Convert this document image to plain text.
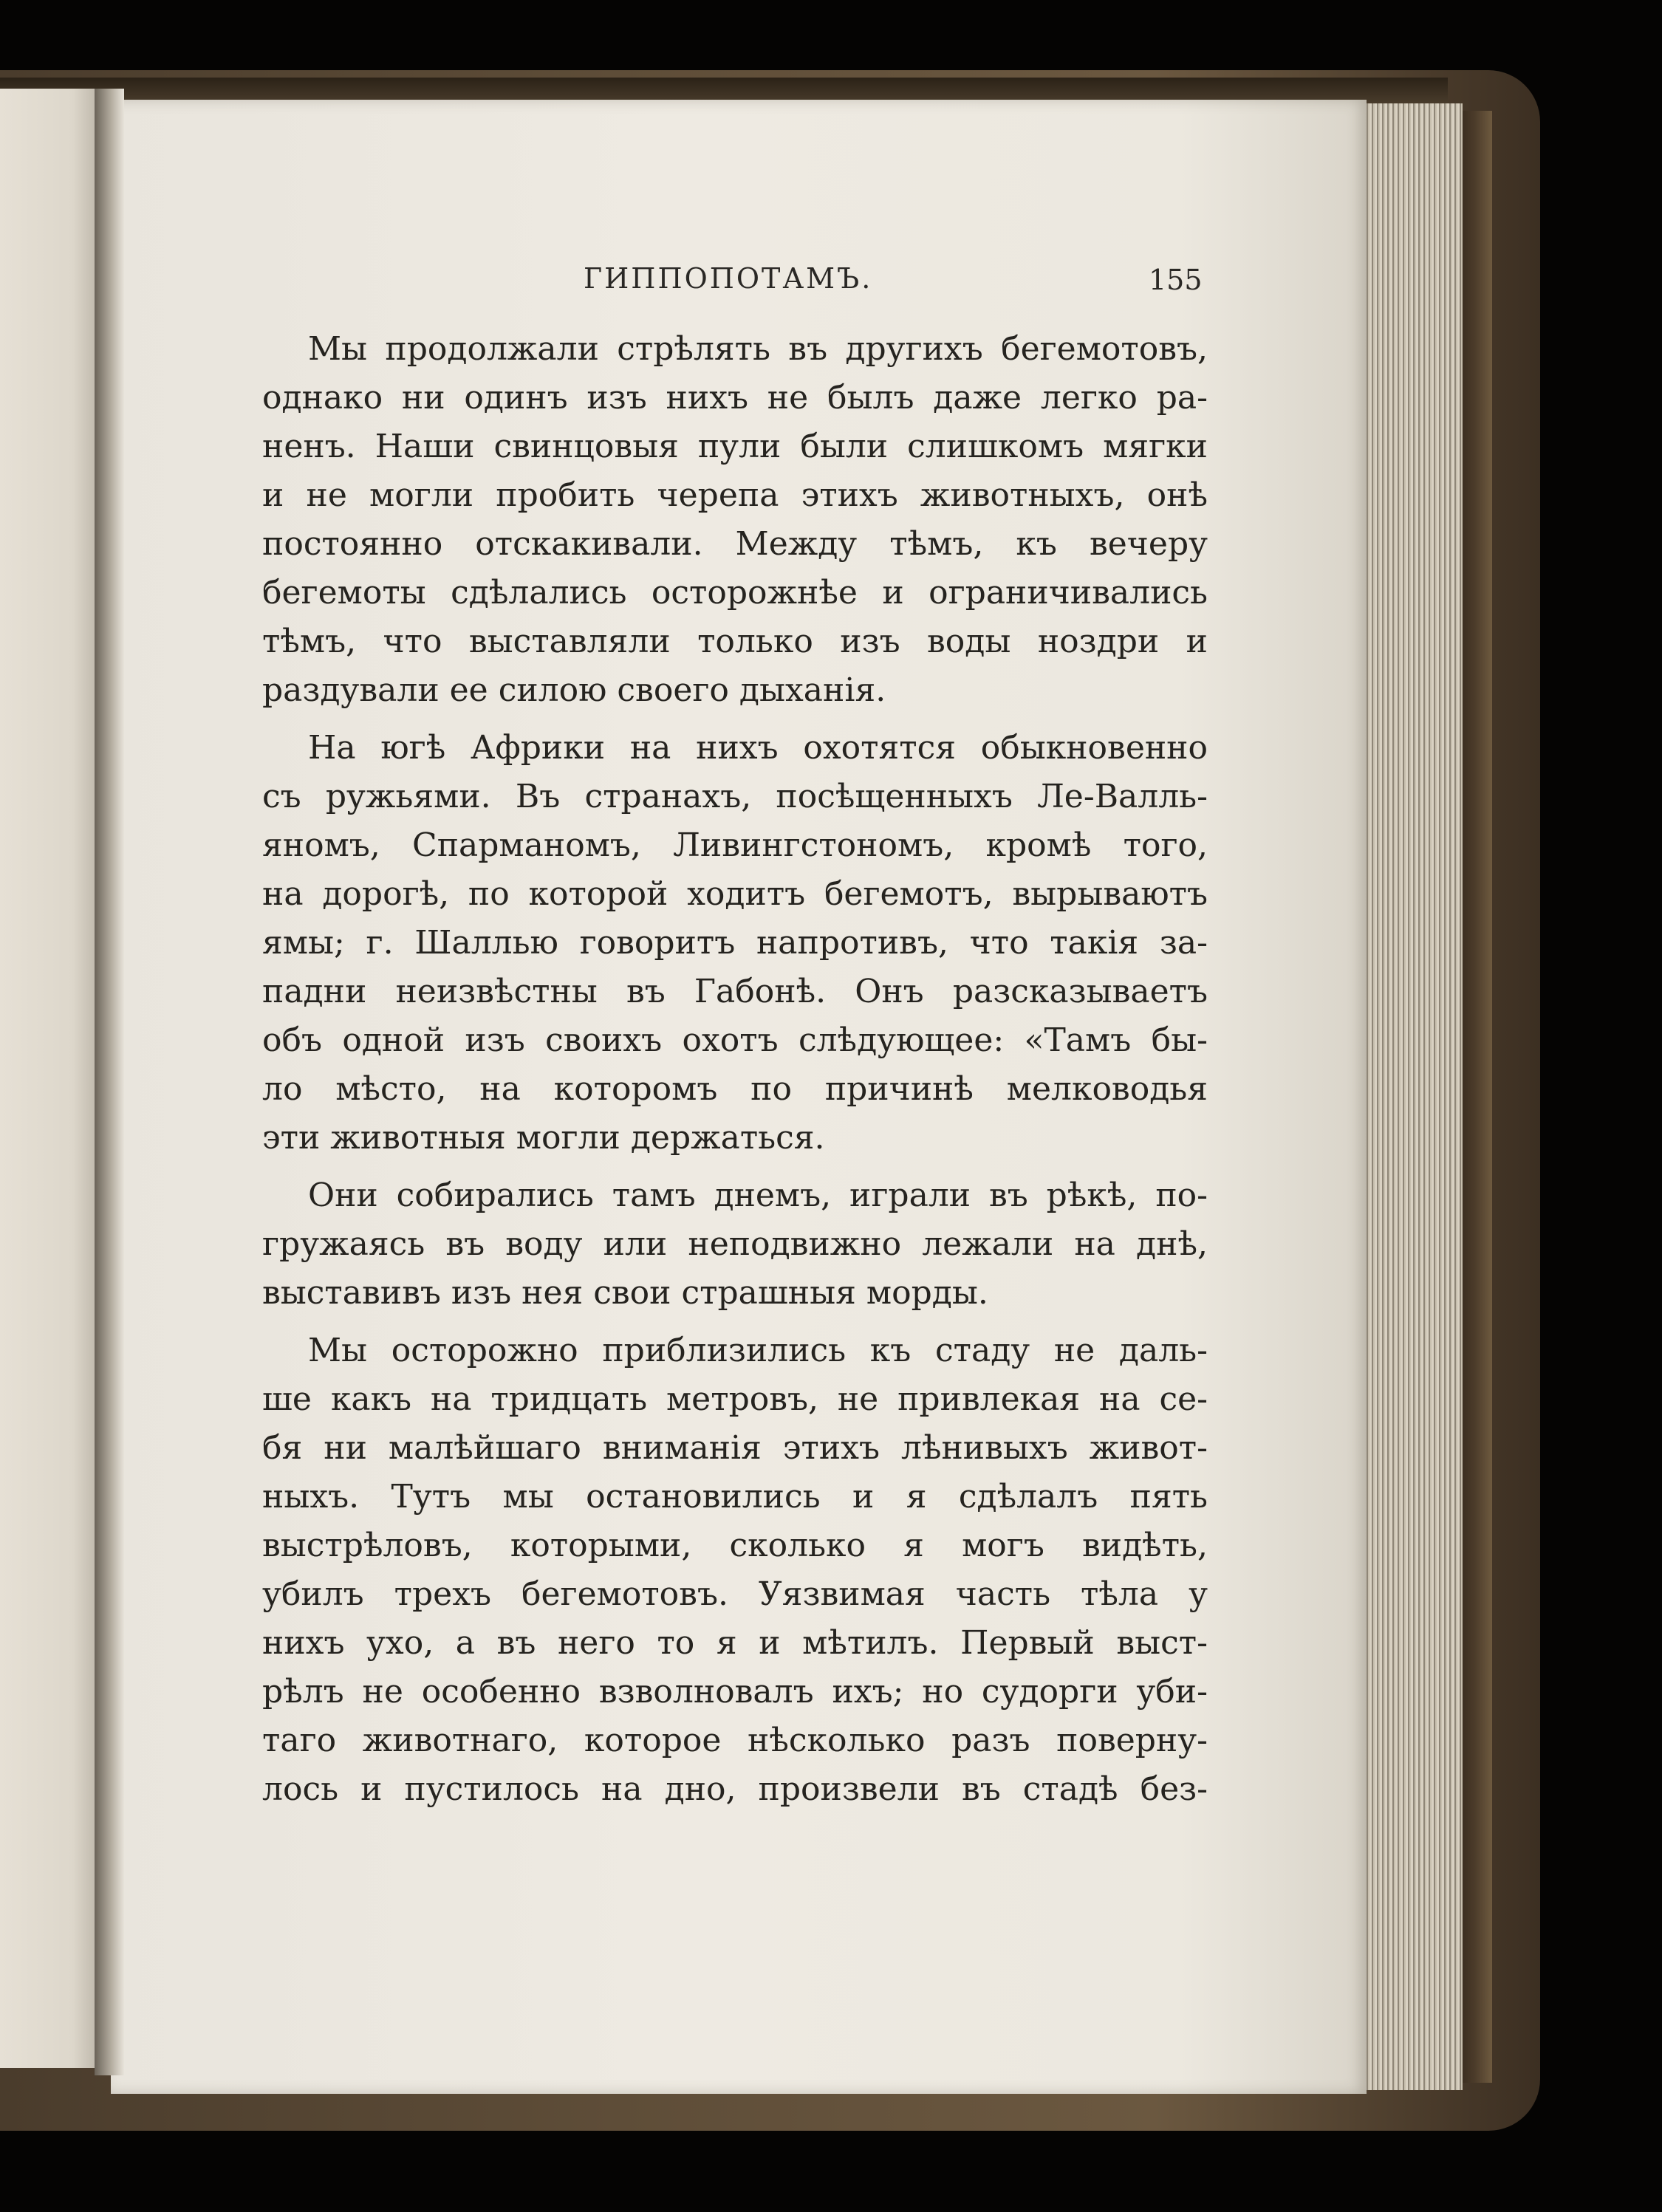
ГИППОПОТАМЪ.	155
Мы продолжали стрѣлять въ другихъ бегемотовъ,
однако ни одинъ изъ нихъ не былъ даже легко ра-
ненъ. Наши свинцовыя пули были слишкомъ мягки
и не могли пробить черепа этихъ животныхъ, онѣ
постоянно отскакивали. Между тѣмъ, къ вечеру
бегемоты сдѣлались осторожнѣе и ограничивались
тѣмъ, что выставляли только изъ воды ноздри и
раздували ее силою своего дыханія.
На югѣ Африки на нихъ охотятся обыкновенно
съ ружьями. Въ странахъ, посѣщенныхъ Ле-Валль-
яномъ, Спарманомъ, Ливингстономъ, кромѣ того,
на дорогѣ, по которой ходитъ бегемотъ, вырываютъ
ямы; г. Шаллью говоритъ напротивъ, что такія за-
падни неизвѣстны въ Габонѣ. Онъ разсказываетъ
объ одной изъ своихъ охотъ слѣдующее: «Тамъ бы-
ло мѣсто, на которомъ по причинѣ мелководья
эти животныя могли держаться.
Они собирались тамъ днемъ, играли въ рѣкѣ, по-
гружаясь въ воду или неподвижно лежали на днѣ,
выставивъ изъ нея свои страшныя морды.
Мы осторожно приблизились къ стаду не даль-
ше какъ на тридцать метровъ, не привлекая на се-
бя ни малѣйшаго вниманія этихъ лѣнивыхъ живот-
ныхъ. Тутъ мы остановились и я сдѣлалъ пять
выстрѣловъ, которыми, сколько я могъ видѣть,
убилъ трехъ бегемотовъ. Уязвимая часть тѣла у
нихъ ухо, а въ него то я и мѣтилъ. Первый выст-
рѣлъ не особенно взволновалъ ихъ; но судорги уби-
таго животнаго, которое нѣсколько разъ поверну-
лось и пустилось на дно, произвели въ стадѣ без-
